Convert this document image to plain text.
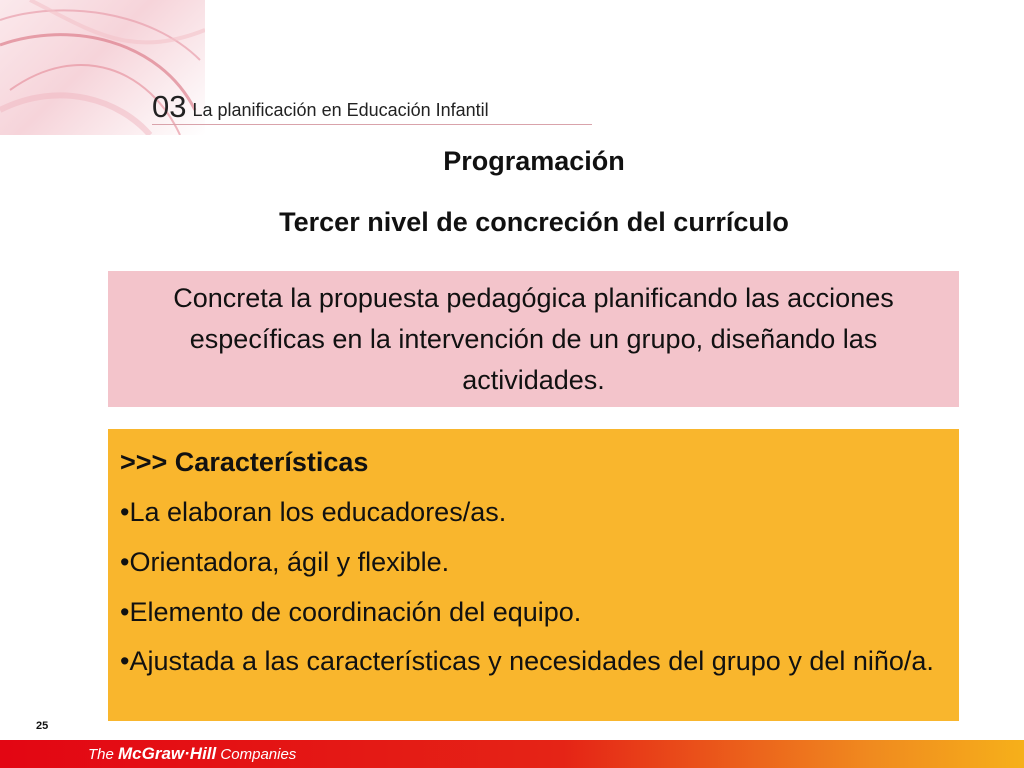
03 La planificación en Educación Infantil
Programación
Tercer nivel de concreción del currículo

Concreta la propuesta pedagógica planificando las acciones específicas en la intervención de un grupo, diseñando las actividades.

>>> Características
• La elaboran los educadores/as.
• Orientadora, ágil y flexible.
• Elemento de coordinación del equipo.
• Ajustada a las características y necesidades del grupo y del niño/a.
25
The McGraw·Hill Companies
